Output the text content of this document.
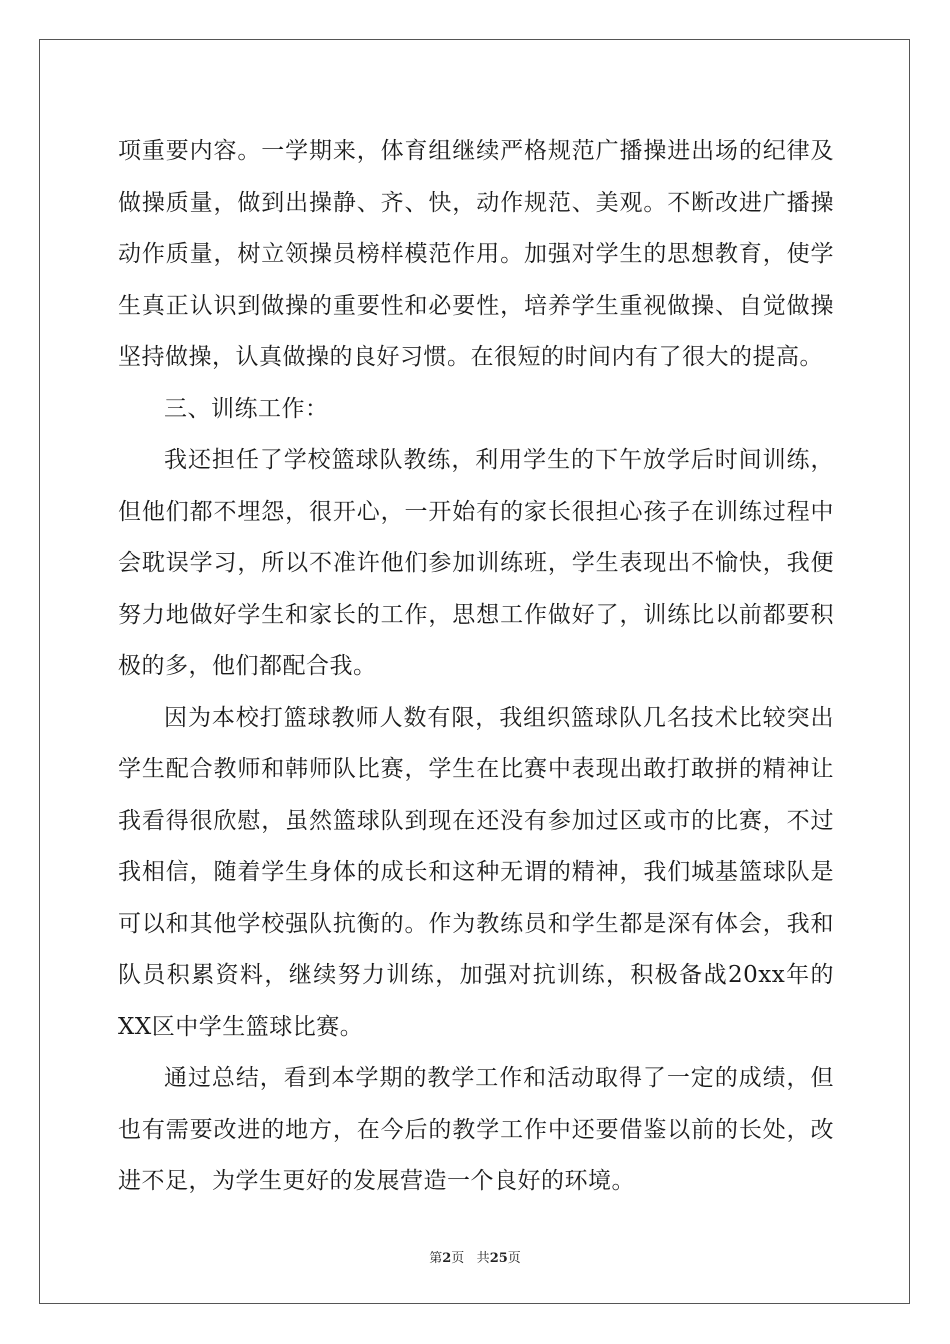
项重要内容。一学期来，体育组继续严格规范广播操进出场的纪律及做操质量，做到出操静、齐、快，动作规范、美观。不断改进广播操动作质量，树立领操员榜样模范作用。加强对学生的思想教育，使学生真正认识到做操的重要性和必要性，培养学生重视做操、自觉做操坚持做操，认真做操的良好习惯。在很短的时间内有了很大的提高。

三、训练工作：

我还担任了学校篮球队教练，利用学生的下午放学后时间训练，但他们都不埋怨，很开心，一开始有的家长很担心孩子在训练过程中会耽误学习，所以不准许他们参加训练班，学生表现出不愉快，我便努力地做好学生和家长的工作，思想工作做好了，训练比以前都要积极的多，他们都配合我。

因为本校打篮球教师人数有限，我组织篮球队几名技术比较突出学生配合教师和韩师队比赛，学生在比赛中表现出敢打敢拼的精神让我看得很欣慰，虽然篮球队到现在还没有参加过区或市的比赛，不过我相信，随着学生身体的成长和这种无谓的精神，我们城基篮球队是可以和其他学校强队抗衡的。作为教练员和学生都是深有体会，我和队员积累资料，继续努力训练，加强对抗训练，积极备战20xx年的XX区中学生篮球比赛。

通过总结，看到本学期的教学工作和活动取得了一定的成绩，但也有需要改进的地方，在今后的教学工作中还要借鉴以前的长处，改进不足，为学生更好的发展营造一个良好的环境。

第2页 共25页
